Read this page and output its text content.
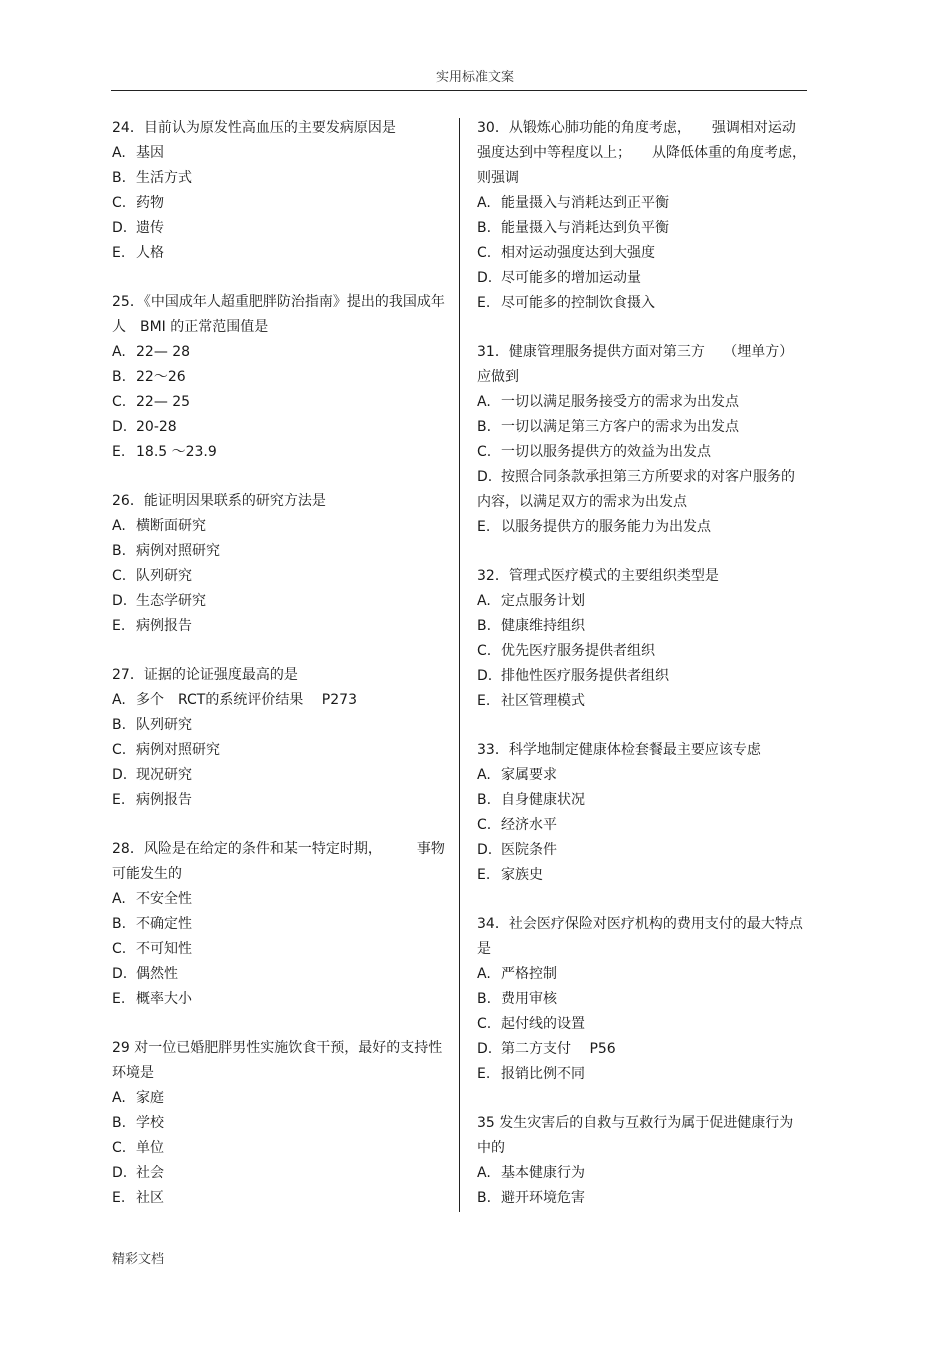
实用标准文案
24．目前认为原发性高血压的主要发病原因是
A. 基因
B. 生活方式
C. 药物
D. 遗传
E. 人格
25．《中国成年人超重肥胖防治指南》提出的我国成年人　BMI 的正常范围值是
A. 22— 28
B. 22～26
C. 22— 25
D. 20-28
E. 18.5 ～23.9
26．能证明因果联系的研究方法是
A. 横断面研究
B. 病例对照研究
C. 队列研究
D. 生态学研究
E. 病例报告
27．证据的论证强度最高的是
A. 多个　RCT的系统评价结果　 P273
B. 队列研究
C. 病例对照研究
D. 现况研究
E. 病例报告
28．风险是在给定的条件和某一特定时期，　　　事物可能发生的
A. 不安全性
B. 不确定性
C. 不可知性
D. 偶然性
E. 概率大小
29 对一位已婚肥胖男性实施饮食干预，最好的支持性环境是
A. 家庭
B. 学校
C. 单位
D. 社会
E. 社区
30．从锻炼心肺功能的角度考虑，　　强调相对运动强度达到中等程度以上；　　从降低体重的角度考虑，则强调
A. 能量摄入与消耗达到正平衡
B. 能量摄入与消耗达到负平衡
C. 相对运动强度达到大强度
D. 尽可能多的增加运动量
E. 尽可能多的控制饮食摄入
31．健康管理服务提供方面对第三方　 （埋单方）应做到
A. 一切以满足服务接受方的需求为出发点
B. 一切以满足第三方客户的需求为出发点
C. 一切以服务提供方的效益为出发点
D. 按照合同条款承担第三方所要求的对客户服务的内容，以满足双方的需求为出发点
E. 以服务提供方的服务能力为出发点
32．管理式医疗模式的主要组织类型是
A. 定点服务计划
B. 健康维持组织
C. 优先医疗服务提供者组织
D. 排他性医疗服务提供者组织
E. 社区管理模式
33．科学地制定健康体检套餐最主要应该专虑
A. 家属要求
B. 自身健康状况
C. 经济水平
D. 医院条件
E. 家族史
34．社会医疗保险对医疗机构的费用支付的最大特点是
A. 严格控制
B. 费用审核
C. 起付线的设置
D. 第二方支付　 P56
E. 报销比例不同
35 发生灾害后的自救与互救行为属于促进健康行为中的
A. 基本健康行为
B. 避开环境危害
精彩文档
